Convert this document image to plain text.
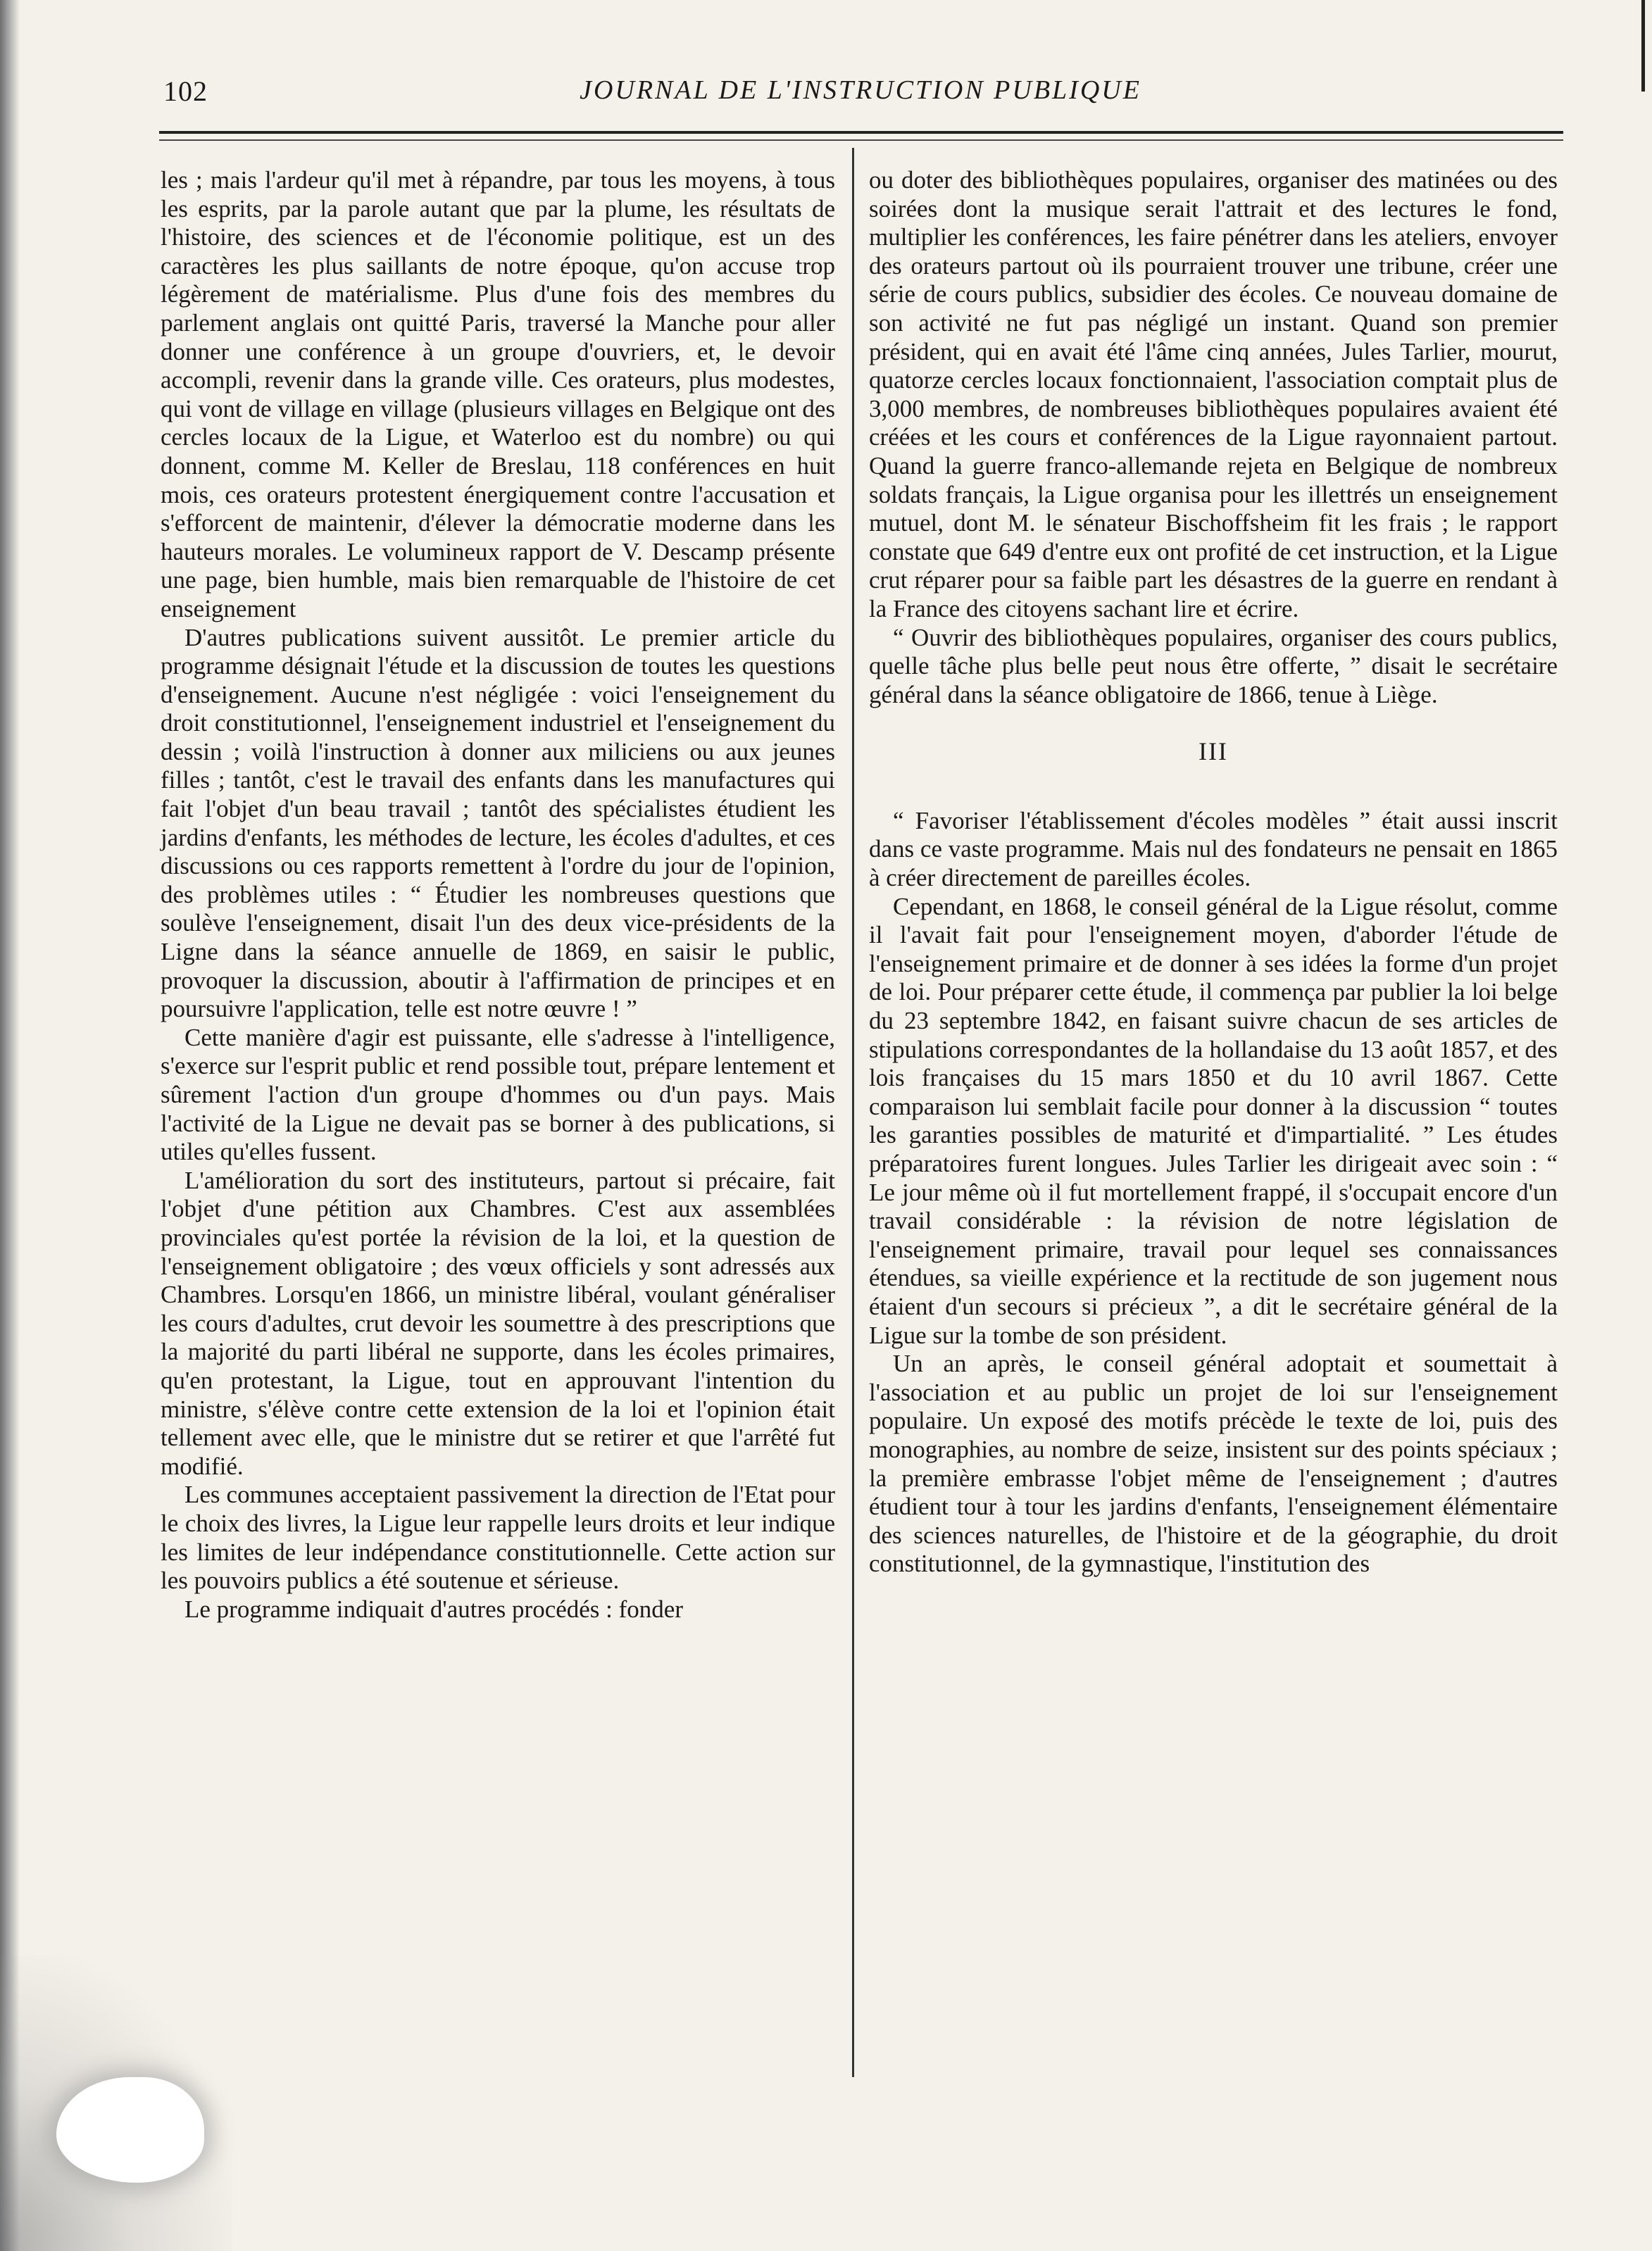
102	JOURNAL DE L'INSTRUCTION PUBLIQUE

les ; mais l'ardeur qu'il met à répandre, par tous les moyens, à tous les esprits, par la parole autant que par la plume, les résultats de l'histoire, des sciences et de l'économie politique, est un des caractères les plus saillants de notre époque, qu'on accuse trop légèrement de matérialisme. Plus d'une fois des membres du parlement anglais ont quitté Paris, traversé la Manche pour aller donner une conférence à un groupe d'ouvriers, et, le devoir accompli, revenir dans la grande ville. Ces orateurs, plus modestes, qui vont de village en village (plusieurs villages en Belgique ont des cercles locaux de la Ligue, et Waterloo est du nombre) ou qui donnent, comme M. Keller de Breslau, 118 conférences en huit mois, ces orateurs protestent énergiquement contre l'accusation et s'efforcent de maintenir, d'élever la démocratie moderne dans les hauteurs morales. Le volumineux rapport de V. Descamp présente une page, bien humble, mais bien remarquable de l'histoire de cet enseignement

D'autres publications suivent aussitôt. Le premier article du programme désignait l'étude et la discussion de toutes les questions d'enseignement. Aucune n'est négligée : voici l'enseignement du droit constitutionnel, l'enseignement industriel et l'enseignement du dessin ; voilà l'instruction à donner aux miliciens ou aux jeunes filles ; tantôt, c'est le travail des enfants dans les manufactures qui fait l'objet d'un beau travail ; tantôt des spécialistes étudient les jardins d'enfants, les méthodes de lecture, les écoles d'adultes, et ces discussions ou ces rapports remettent à l'ordre du jour de l'opinion, des problèmes utiles : “ Étudier les nombreuses questions que soulève l'enseignement, disait l'un des deux vice-présidents de la Ligne dans la séance annuelle de 1869, en saisir le public, provoquer la discussion, aboutir à l'affirmation de principes et en poursuivre l'application, telle est notre œuvre ! ”

Cette manière d'agir est puissante, elle s'adresse à l'intelligence, s'exerce sur l'esprit public et rend possible tout, prépare lentement et sûrement l'action d'un groupe d'hommes ou d'un pays. Mais l'activité de la Ligue ne devait pas se borner à des publications, si utiles qu'elles fussent.

L'amélioration du sort des instituteurs, partout si précaire, fait l'objet d'une pétition aux Chambres. C'est aux assemblées provinciales qu'est portée la révision de la loi, et la question de l'enseignement obligatoire ; des vœux officiels y sont adressés aux Chambres. Lorsqu'en 1866, un ministre libéral, voulant généraliser les cours d'adultes, crut devoir les soumettre à des prescriptions que la majorité du parti libéral ne supporte, dans les écoles primaires, qu'en protestant, la Ligue, tout en approuvant l'intention du ministre, s'élève contre cette extension de la loi et l'opinion était tellement avec elle, que le ministre dut se retirer et que l'arrêté fut modifié.

Les communes acceptaient passivement la direction de l'Etat pour le choix des livres, la Ligue leur rappelle leurs droits et leur indique les limites de leur indépendance constitutionnelle. Cette action sur les pouvoirs publics a été soutenue et sérieuse.

Le programme indiquait d'autres procédés : fonder

ou doter des bibliothèques populaires, organiser des matinées ou des soirées dont la musique serait l'attrait et des lectures le fond, multiplier les conférences, les faire pénétrer dans les ateliers, envoyer des orateurs partout où ils pourraient trouver une tribune, créer une série de cours publics, subsidier des écoles. Ce nouveau domaine de son activité ne fut pas négligé un instant. Quand son premier président, qui en avait été l'âme cinq années, Jules Tarlier, mourut, quatorze cercles locaux fonctionnaient, l'association comptait plus de 3,000 membres, de nombreuses bibliothèques populaires avaient été créées et les cours et conférences de la Ligue rayonnaient partout. Quand la guerre franco-allemande rejeta en Belgique de nombreux soldats français, la Ligue organisa pour les illettrés un enseignement mutuel, dont M. le sénateur Bischoffsheim fit les frais ; le rapport constate que 649 d'entre eux ont profité de cet instruction, et la Ligue crut réparer pour sa faible part les désastres de la guerre en rendant à la France des citoyens sachant lire et écrire.

“ Ouvrir des bibliothèques populaires, organiser des cours publics, quelle tâche plus belle peut nous être offerte, ” disait le secrétaire général dans la séance obligatoire de 1866, tenue à Liège.

III

“ Favoriser l'établissement d'écoles modèles ” était aussi inscrit dans ce vaste programme. Mais nul des fondateurs ne pensait en 1865 à créer directement de pareilles écoles.

Cependant, en 1868, le conseil général de la Ligue résolut, comme il l'avait fait pour l'enseignement moyen, d'aborder l'étude de l'enseignement primaire et de donner à ses idées la forme d'un projet de loi. Pour préparer cette étude, il commença par publier la loi belge du 23 septembre 1842, en faisant suivre chacun de ses articles de stipulations correspondantes de la hollandaise du 13 août 1857, et des lois françaises du 15 mars 1850 et du 10 avril 1867. Cette comparaison lui semblait facile pour donner à la discussion “ toutes les garanties possibles de maturité et d'impartialité. ” Les études préparatoires furent longues. Jules Tarlier les dirigeait avec soin : “ Le jour même où il fut mortellement frappé, il s'occupait encore d'un travail considérable : la révision de notre législation de l'enseignement primaire, travail pour lequel ses connaissances étendues, sa vieille expérience et la rectitude de son jugement nous étaient d'un secours si précieux ”, a dit le secrétaire général de la Ligue sur la tombe de son président.

Un an après, le conseil général adoptait et soumettait à l'association et au public un projet de loi sur l'enseignement populaire. Un exposé des motifs précède le texte de loi, puis des monographies, au nombre de seize, insistent sur des points spéciaux ; la première embrasse l'objet même de l'enseignement ; d'autres étudient tour à tour les jardins d'enfants, l'enseignement élémentaire des sciences naturelles, de l'histoire et de la géographie, du droit constitutionnel, de la gymnastique, l'institution des
